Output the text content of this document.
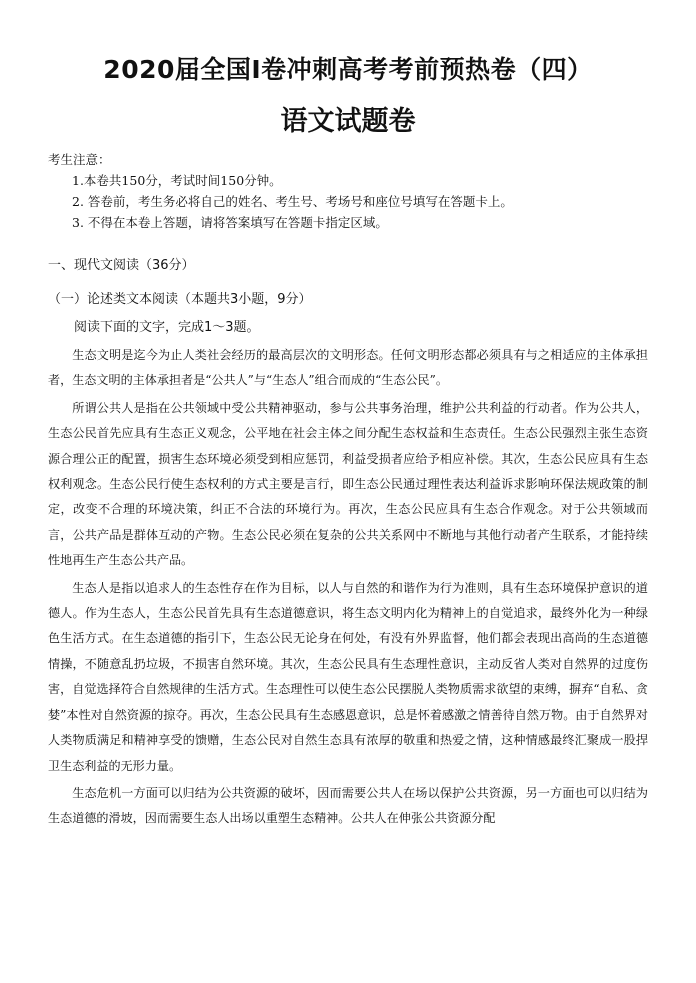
2020届全国Ⅰ卷冲刺高考考前预热卷（四）
语文试题卷
考生注意：
1.本卷共150分，考试时间150分钟。
2. 答卷前，考生务必将自己的姓名、考生号、考场号和座位号填写在答题卡上。
3. 不得在本卷上答题，请将答案填写在答题卡指定区域。
一、现代文阅读（36分）
（一）论述类文本阅读（本题共3小题，9分）
阅读下面的文字，完成1～3题。

生态文明是迄今为止人类社会经历的最高层次的文明形态。任何文明形态都必须具有与之相适应的主体承担者，生态文明的主体承担者是“公共人”与“生态人”组合而成的“生态公民”。

所谓公共人是指在公共领域中受公共精神驱动，参与公共事务治理，维护公共利益的行动者。作为公共人，生态公民首先应具有生态正义观念，公平地在社会主体之间分配生态权益和生态责任。生态公民强烈主张生态资源合理公正的配置，损害生态环境必须受到相应惩罚，利益受损者应给予相应补偿。其次，生态公民应具有生态权利观念。生态公民行使生态权利的方式主要是言行，即生态公民通过理性表达利益诉求影响环保法规政策的制定，改变不合理的环境决策，纠正不合法的环境行为。再次，生态公民应具有生态合作观念。对于公共领域而言，公共产品是群体互动的产物。生态公民必须在复杂的公共关系网中不断地与其他行动者产生联系，才能持续性地再生产生态公共产品。

生态人是指以追求人的生态性存在作为目标，以人与自然的和谐作为行为准则，具有生态环境保护意识的道德人。作为生态人，生态公民首先具有生态道德意识，将生态文明内化为精神上的自觉追求，最终外化为一种绿色生活方式。在生态道德的指引下，生态公民无论身在何处，有没有外界监督，他们都会表现出高尚的生态道德情操，不随意乱扔垃圾，不损害自然环境。其次，生态公民具有生态理性意识，主动反省人类对自然界的过度伤害，自觉选择符合自然规律的生活方式。生态理性可以使生态公民摆脱人类物质需求欲望的束缚，摒弃“自私、贪婪”本性对自然资源的掠夺。再次，生态公民具有生态感恩意识，总是怀着感激之情善待自然万物。由于自然界对人类物质满足和精神享受的馈赠，生态公民对自然生态具有浓厚的敬重和热爱之情，这种情感最终汇聚成一股捍卫生态利益的无形力量。

生态危机一方面可以归结为公共资源的破坏，因而需要公共人在场以保护公共资源，另一方面也可以归结为生态道德的滑坡，因而需要生态人出场以重塑生态精神。公共人在伸张公共资源分配
